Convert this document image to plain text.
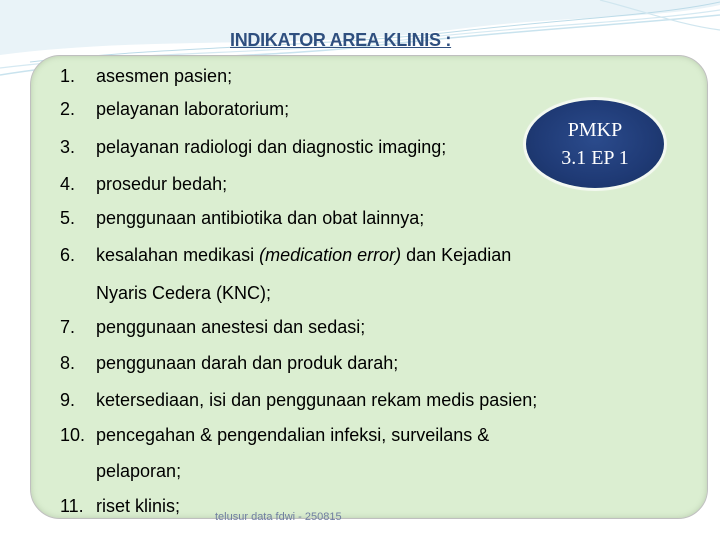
INDIKATOR AREA KLINIS :
1. asesmen pasien;
2. pelayanan laboratorium;
3. pelayanan radiologi dan diagnostic imaging;
4. prosedur bedah;
5. penggunaan antibiotika dan obat lainnya;
6. kesalahan medikasi (medication error) dan Kejadian
Nyaris Cedera (KNC);
7. penggunaan anestesi dan sedasi;
8. penggunaan darah dan produk darah;
9. ketersediaan, isi dan penggunaan rekam medis pasien;
10. pencegahan & pengendalian infeksi, surveilans &
pelaporan;
11. riset klinis;
PMKP
3.1 EP 1
telusur data fdwi - 250815
